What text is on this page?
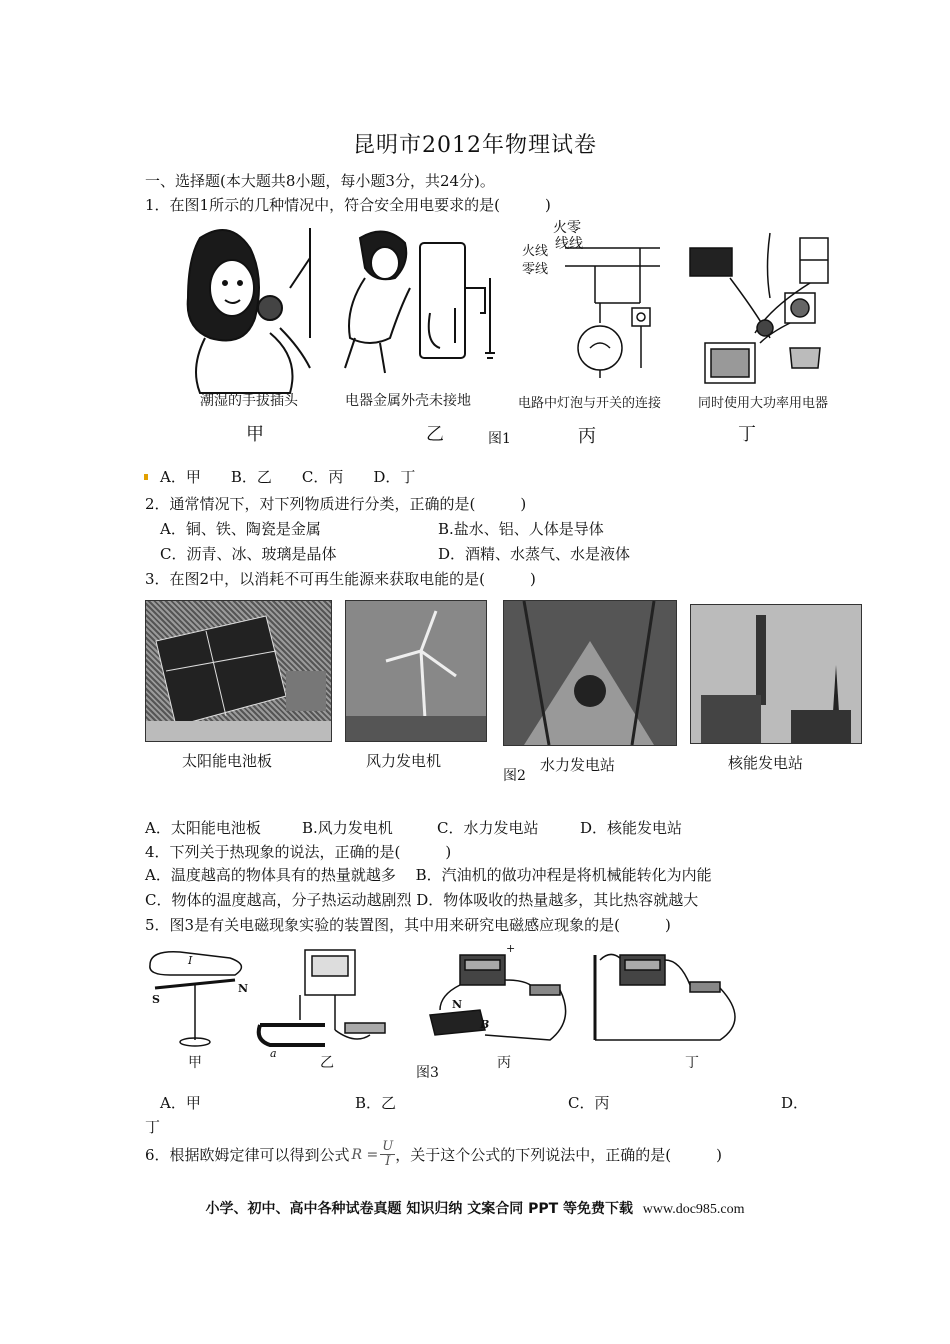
昆明市2012年物理试卷
一、选择题(本大题共8小题，每小题3分，共24分)。
1．在图1所示的几种情况中，符合安全用电要求的是(　　　)
火零
线线
火线
零线
潮湿的手拔插头	电器金属外壳未接地	电路中灯泡与开关的连接	同时使用大功率用电器
甲	乙	图1	丙	丁
A．甲　　B．乙　　C．丙　　D．丁
2．通常情况下，对下列物质进行分类，正确的是(　　　)
A．铜、铁、陶瓷是金属	B.盐水、铝、人体是导体
C．沥青、冰、玻璃是晶体	D．酒精、水蒸气、水是液体
3．在图2中，以消耗不可再生能源来获取电能的是(　　　)
太阳能电池板	风力发电机
图2
水力发电站	核能发电站
A．太阳能电池板	B.风力发电机	C．水力发电站	D．核能发电站
4．下列关于热现象的说法，正确的是(　　　)
A．温度越高的物体具有的热量就越多　 B．汽油机的做功冲程是将机械能转化为内能
C．物体的温度越高，分子热运动越剧烈 D．物体吸收的热量越多，其比热容就越大
5．图3是有关电磁现象实验的装置图，其中用来研究电磁感应现象的是(　　　)
I
S
N
a
N
B
+
甲	乙
图3
丙	丁
A．甲	B．乙	C．丙	D．
丁
6．根据欧姆定律可以得到公式 $R = \frac{U}{I}$ ，关于这个公式的下列说法中，正确的是(　　　)
小学、初中、高中各种试卷真题 知识归纳 文案合同 PPT 等免费下载 www.doc985.com
